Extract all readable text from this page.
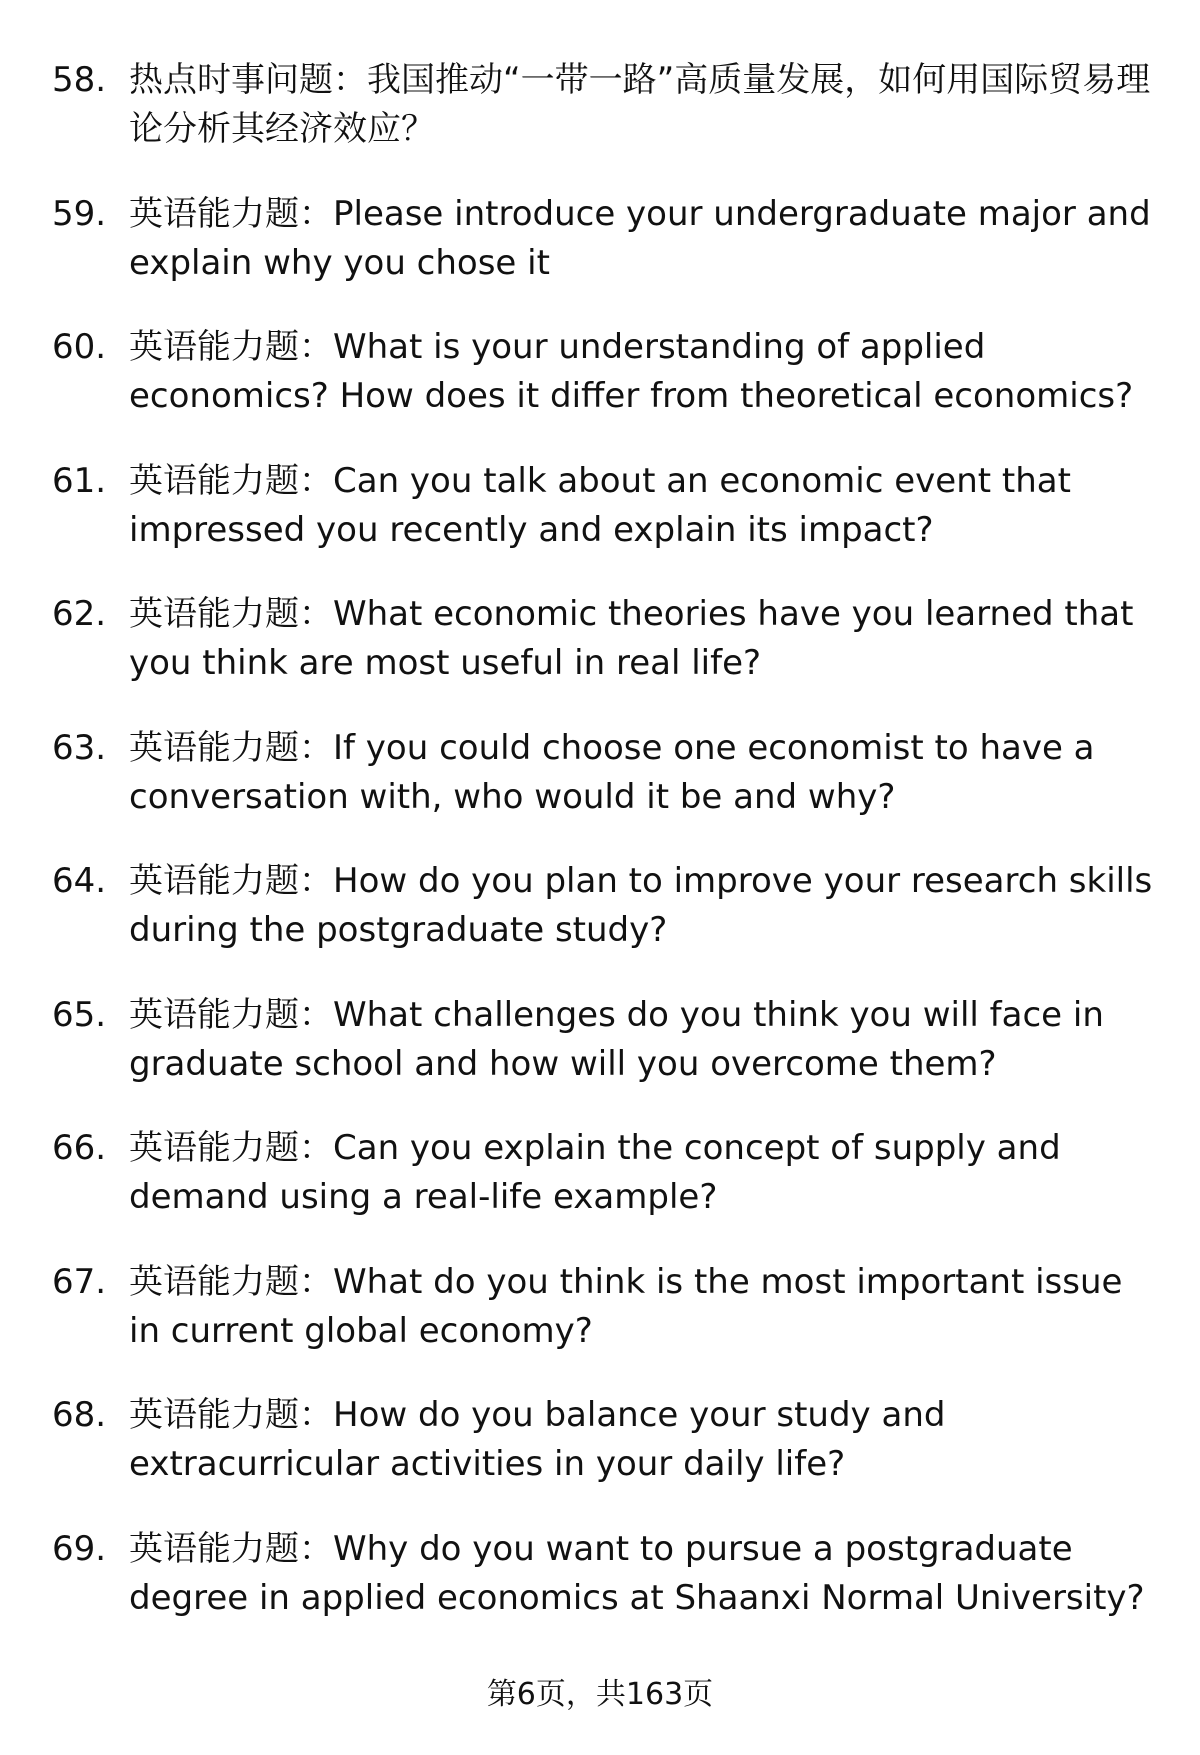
58. 热点时事问题：我国推动“一带一路”高质量发展，如何用国际贸易理论分析其经济效应？
59. 英语能力题：Please introduce your undergraduate major and explain why you chose it
60. 英语能力题：What is your understanding of applied economics? How does it differ from theoretical economics?
61. 英语能力题：Can you talk about an economic event that impressed you recently and explain its impact?
62. 英语能力题：What economic theories have you learned that you think are most useful in real life?
63. 英语能力题：If you could choose one economist to have a conversation with, who would it be and why?
64. 英语能力题：How do you plan to improve your research skills during the postgraduate study?
65. 英语能力题：What challenges do you think you will face in graduate school and how will you overcome them?
66. 英语能力题：Can you explain the concept of supply and demand using a real-life example?
67. 英语能力题：What do you think is the most important issue in current global economy?
68. 英语能力题：How do you balance your study and extracurricular activities in your daily life?
69. 英语能力题：Why do you want to pursue a postgraduate degree in applied economics at Shaanxi Normal University?
第6页，共163页
